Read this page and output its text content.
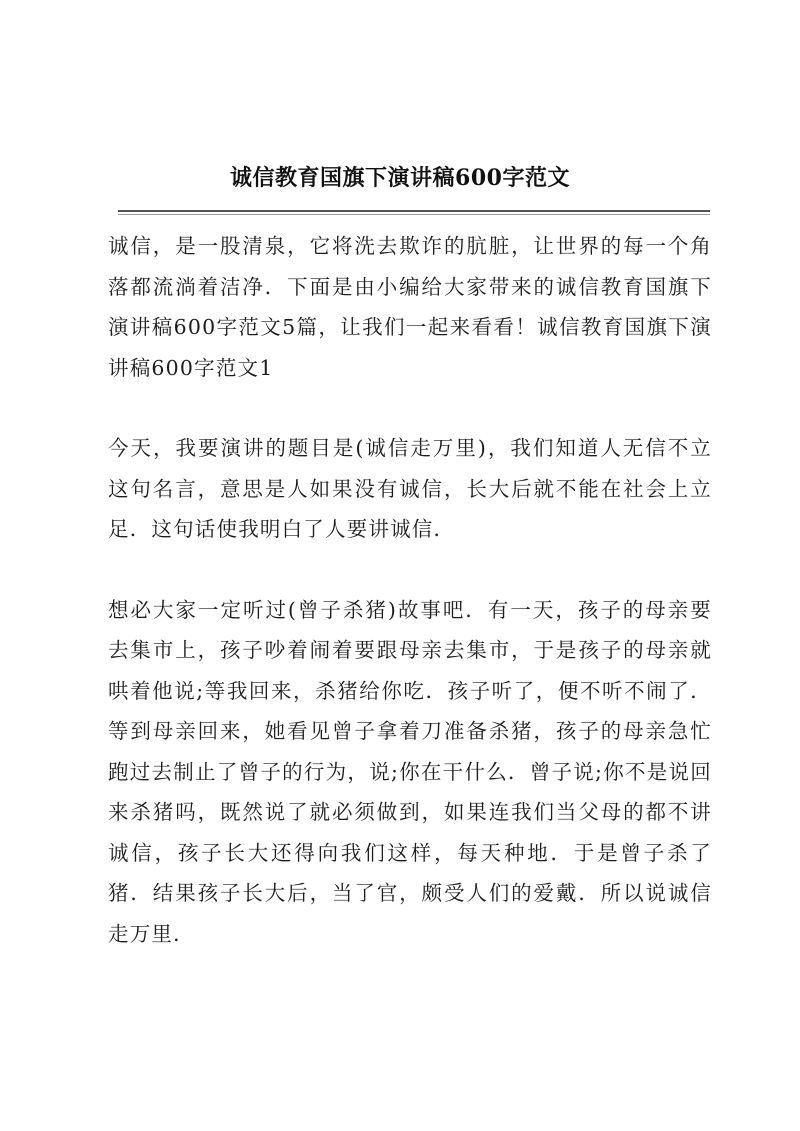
诚信教育国旗下演讲稿600字范文

诚信，是一股清泉，它将洗去欺诈的肮脏，让世界的每一个角落都流淌着洁净．下面是由小编给大家带来的诚信教育国旗下演讲稿600字范文5篇，让我们一起来看看！诚信教育国旗下演讲稿600字范文1

今天，我要演讲的题目是(诚信走万里)，我们知道人无信不立这句名言，意思是人如果没有诚信，长大后就不能在社会上立足．这句话使我明白了人要讲诚信．

想必大家一定听过(曾子杀猪)故事吧．有一天，孩子的母亲要去集市上，孩子吵着闹着要跟母亲去集市，于是孩子的母亲就哄着他说;等我回来，杀猪给你吃．孩子听了，便不听不闹了．等到母亲回来，她看见曾子拿着刀准备杀猪，孩子的母亲急忙跑过去制止了曾子的行为，说;你在干什么．曾子说;你不是说回来杀猪吗，既然说了就必须做到，如果连我们当父母的都不讲诚信，孩子长大还得向我们这样，每天种地．于是曾子杀了猪．结果孩子长大后，当了官，颇受人们的爱戴．所以说诚信走万里．
